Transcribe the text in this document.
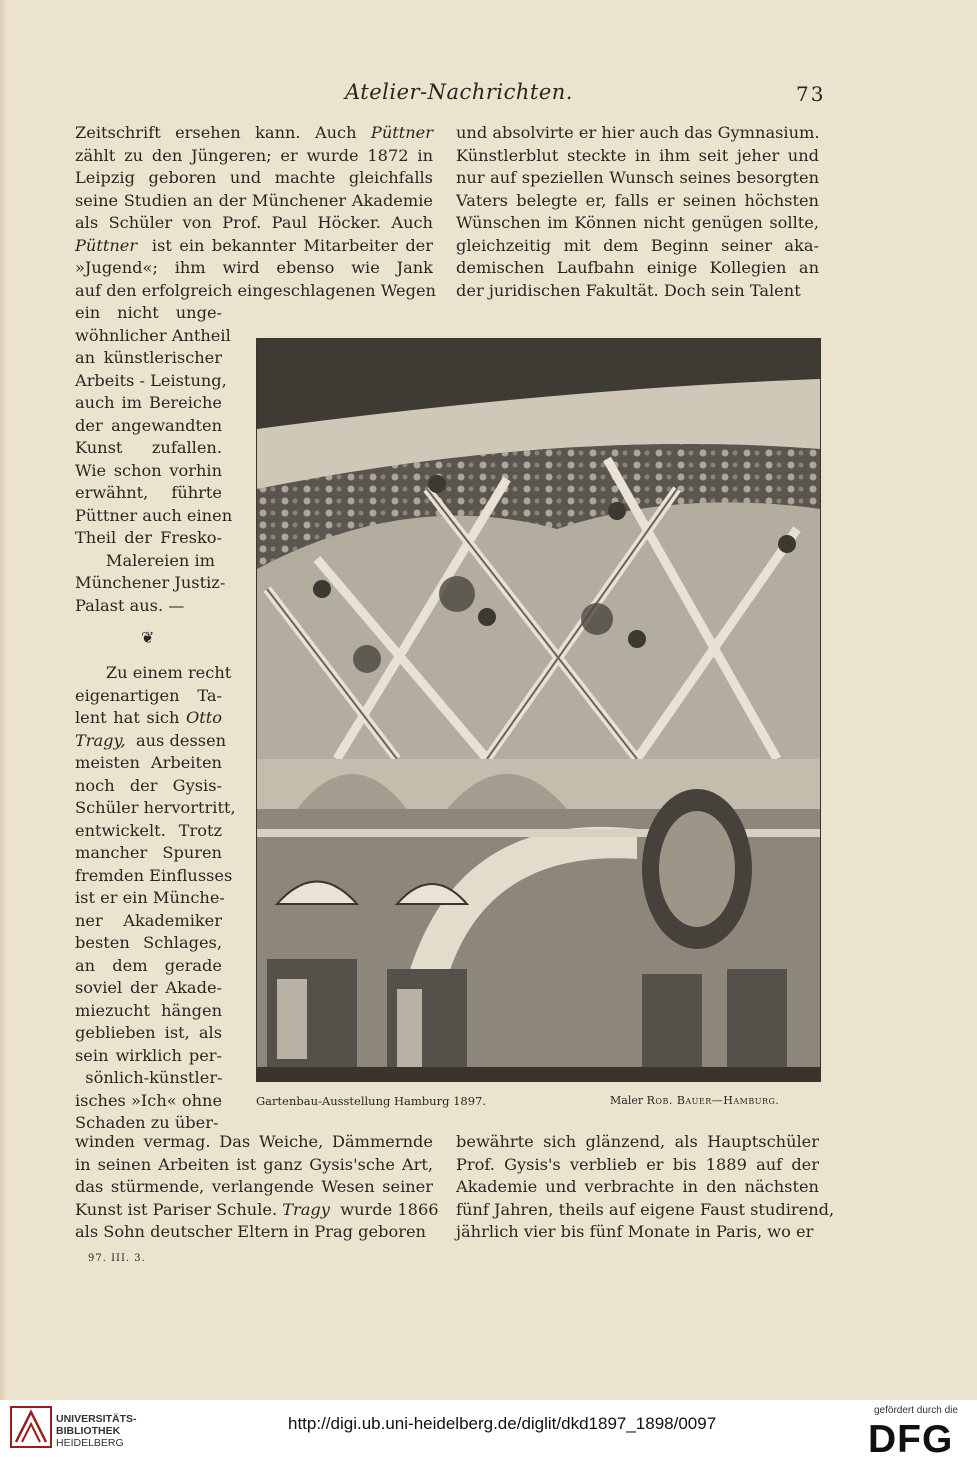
Atelier-Nachrichten.	73
Zeitschrift ersehen kann. Auch Püttner
zählt zu den Jüngeren; er wurde 1872 in
Leipzig geboren und machte gleichfalls
seine Studien an der Münchener Akademie
als Schüler von Prof. Paul Höcker. Auch
Püttner  ist ein bekannter Mitarbeiter der
»Jugend«; ihm wird ebenso wie Jank
auf den erfolgreich eingeschlagenen Wegen
und absolvirte er hier auch das Gymnasium.
Künstlerblut steckte in ihm seit jeher und
nur auf speziellen Wunsch seines besorgten
Vaters belegte er, falls er seinen höchsten
Wünschen im Können nicht genügen sollte,
gleichzeitig mit dem Beginn seiner aka-
demischen Laufbahn einige Kollegien an
der juridischen Fakultät. Doch sein Talent
ein nicht unge-
wöhnlicher Antheil
an künstlerischer
Arbeits - Leistung,
auch im Bereiche
der angewandten
Kunst zufallen.
Wie schon vorhin
erwähnt, führte
Püttner auch einen
Theil der Fresko-
Malereien im
Münchener Justiz-
Palast aus. —

Zu einem recht
eigenartigen Ta-
lent hat sich Otto
Tragy,  aus dessen
meisten Arbeiten
noch der Gysis-
Schüler hervortritt,
entwickelt. Trotz
mancher Spuren
fremden Einflusses
ist er ein Münche-
ner Akademiker
besten Schlages,
an dem gerade
soviel der Akade-
miezucht hängen
geblieben ist, als
sein wirklich per-
sönlich-künstler-
isches »Ich« ohne
Schaden zu über-
❦
Gartenbau-Ausstellung Hamburg 1897.	Maler Rob. Bauer—Hamburg.
winden vermag. Das Weiche, Dämmernde
in seinen Arbeiten ist ganz Gysis'sche Art,
das stürmende, verlangende Wesen seiner
Kunst ist Pariser Schule. Tragy  wurde 1866
als Sohn deutscher Eltern in Prag geboren
bewährte sich glänzend, als Hauptschüler
Prof. Gysis's verblieb er bis 1889 auf der
Akademie und verbrachte in den nächsten
fünf Jahren, theils auf eigene Faust studirend,
jährlich vier bis fünf Monate in Paris, wo er
97. III. 3.
UNIVERSITÄTS-
BIBLIOTHEK
HEIDELBERG
http://digi.ub.uni-heidelberg.de/diglit/dkd1897_1898/0097
gefördert durch die
DFG
